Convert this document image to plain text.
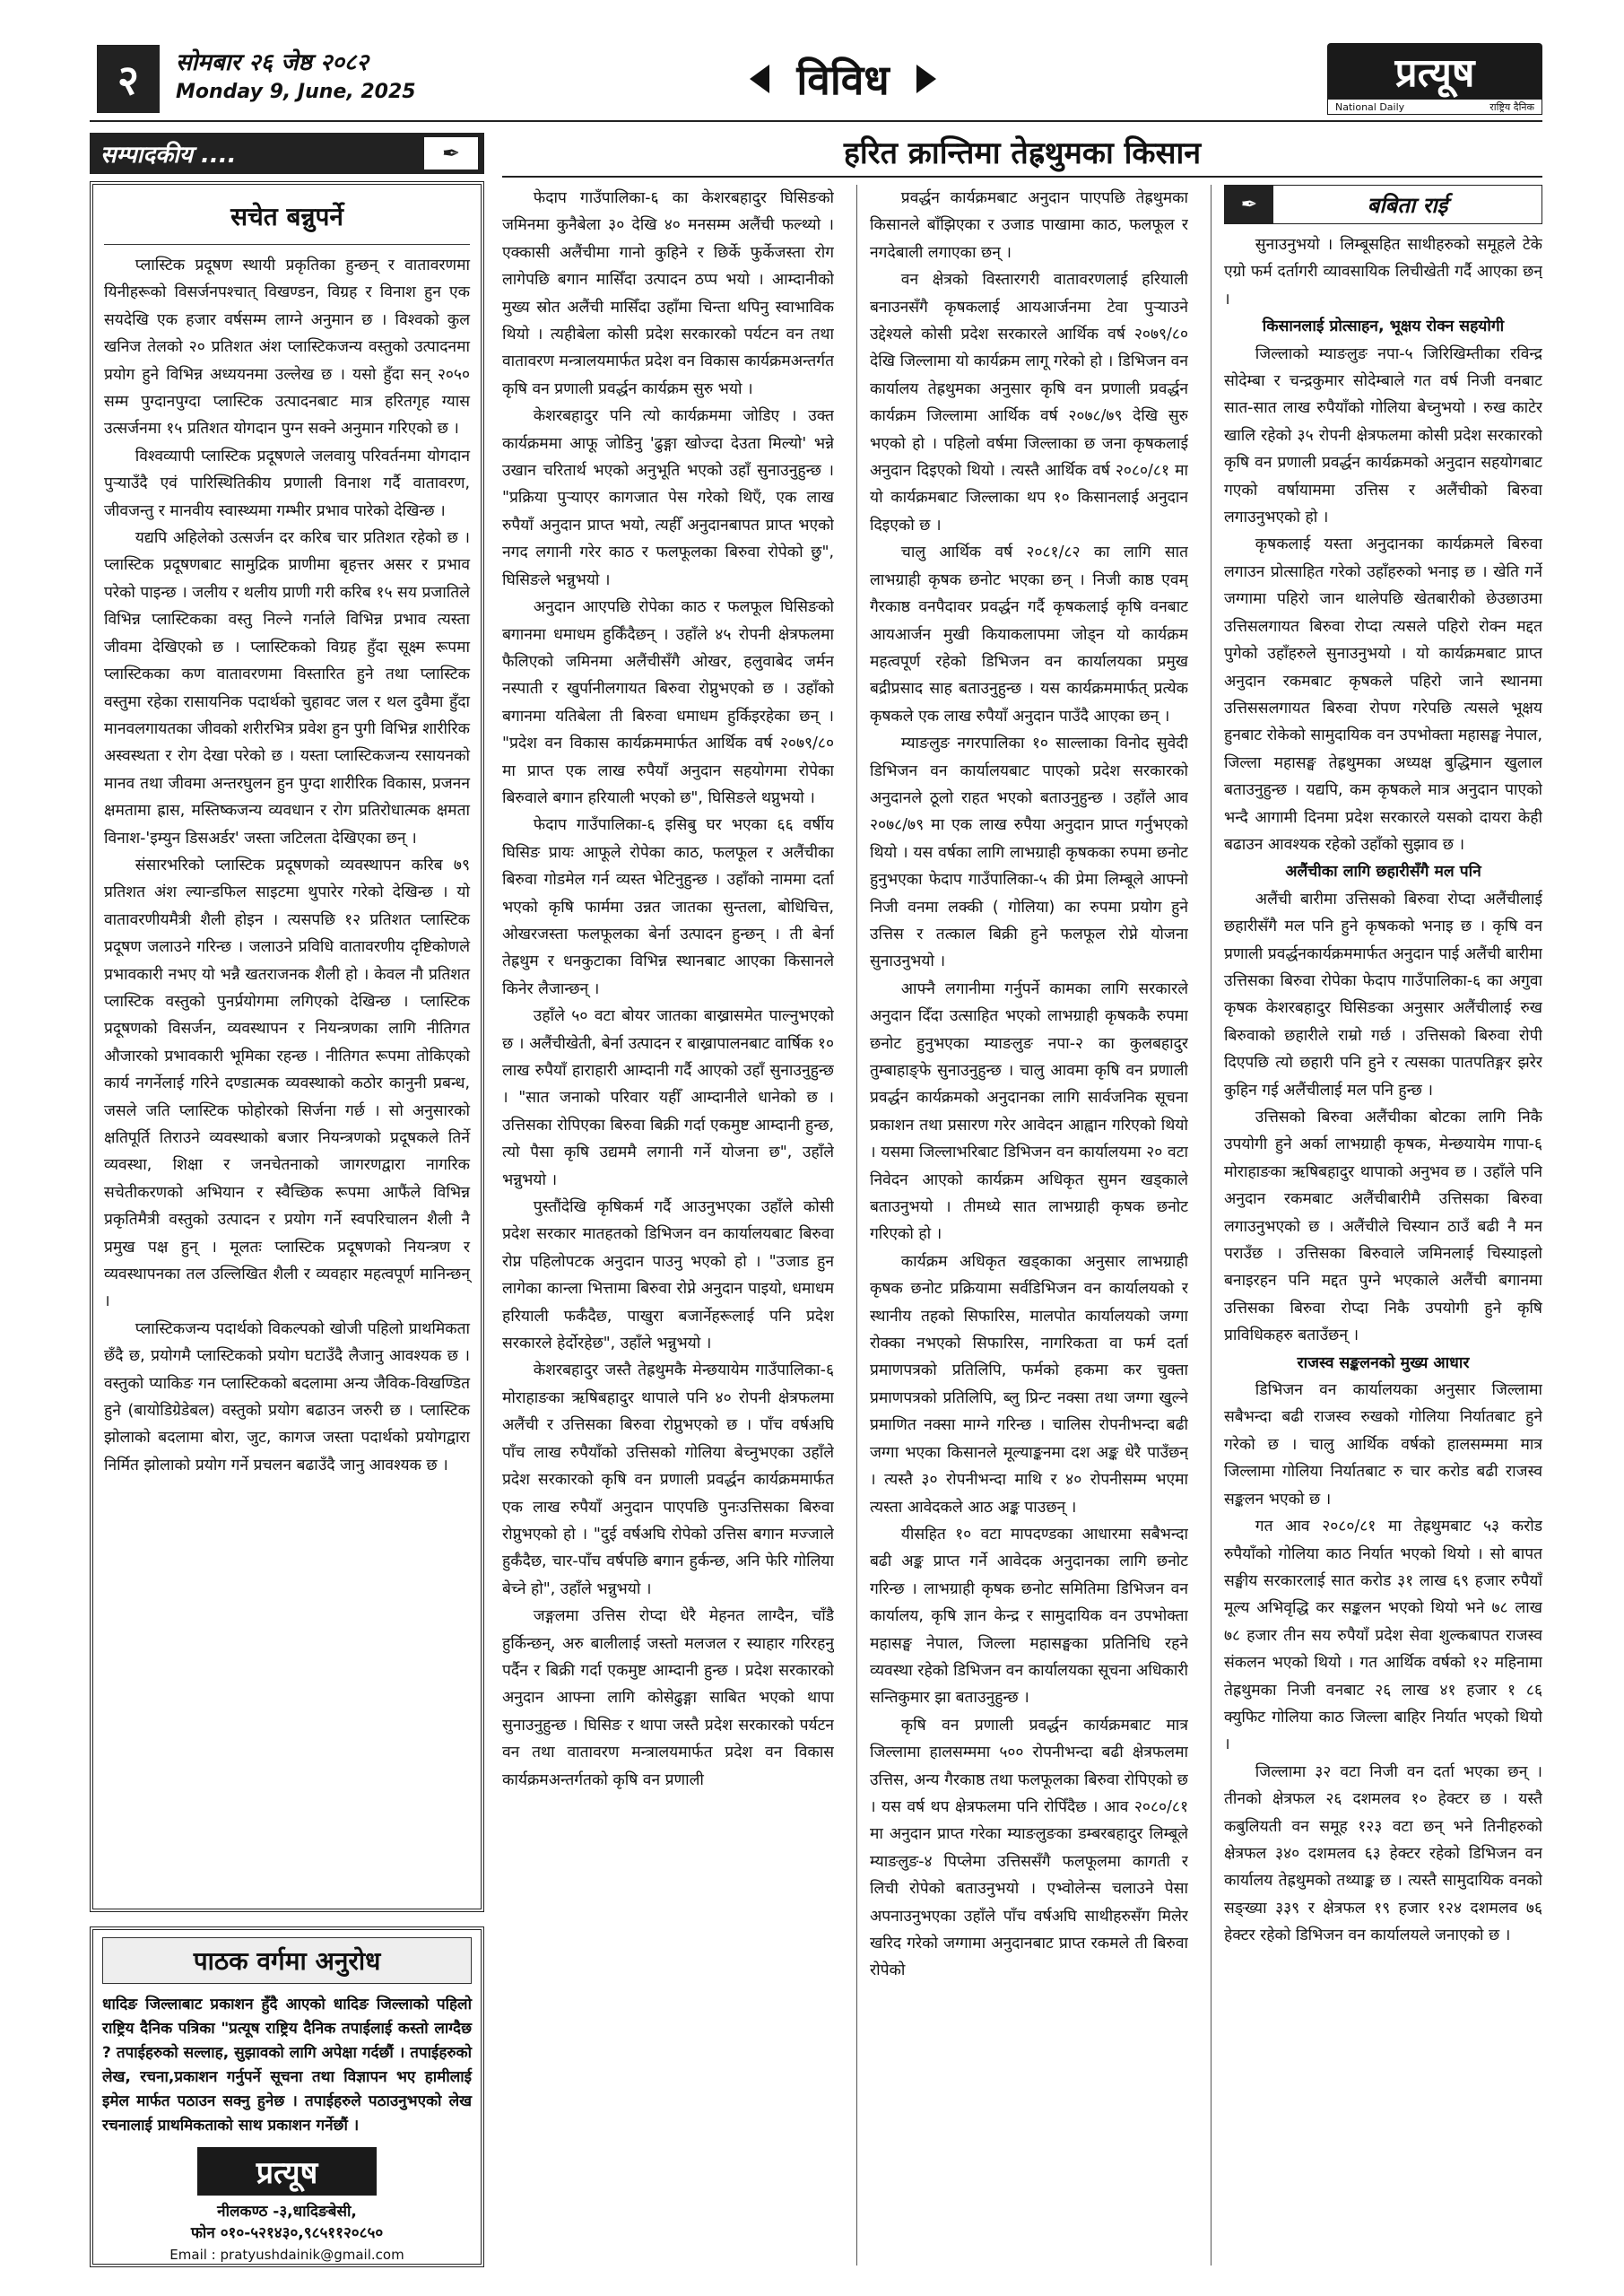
२	सोमबार २६ जेष्ठ २०८२
Monday 9, June, 2025	विविध	प्रत्यूष
National Daily	राष्ट्रिय दैनिक
सम्पादकीय ....	✒
सचेत बन्नुपर्ने

प्लास्टिक प्रदूषण स्थायी प्रकृतिका हुन्छन् र वातावरणमा यिनीहरूको विसर्जनपश्चात् विखण्डन, विग्रह र विनाश हुन एक सयदेखि एक हजार वर्षसम्म लाग्ने अनुमान छ । विश्वको कुल खनिज तेलको २० प्रतिशत अंश प्लास्टिकजन्य वस्तुको उत्पादनमा प्रयोग हुने विभिन्न अध्ययनमा उल्लेख छ । यसो हुँदा सन् २०५० सम्म पुग्दानपुग्दा प्लास्टिक उत्पादनबाट मात्र हरितगृह ग्यास उत्सर्जनमा १५ प्रतिशत योगदान पुग्न सक्ने अनुमान गरिएको छ ।

विश्वव्यापी प्लास्टिक प्रदूषणले जलवायु परिवर्तनमा योगदान पुऱ्याउँदै एवं पारिस्थितिकीय प्रणाली विनाश गर्दै वातावरण, जीवजन्तु र मानवीय स्वास्थ्यमा गम्भीर प्रभाव पारेको देखिन्छ ।

यद्यपि अहिलेको उत्सर्जन दर करिब चार प्रतिशत रहेको छ । प्लास्टिक प्रदूषणबाट सामुद्रिक प्राणीमा बृहत्तर असर र प्रभाव परेको पाइन्छ । जलीय र थलीय प्राणी गरी करिब १५ सय प्रजातिले विभिन्न प्लास्टिकका वस्तु निल्ने गर्नाले विभिन्न प्रभाव त्यस्ता जीवमा देखिएको छ । प्लास्टिकको विग्रह हुँदा सूक्ष्म रूपमा प्लास्टिकका कण वातावरणमा विस्तारित हुने तथा प्लास्टिक वस्तुमा रहेका रासायनिक पदार्थको चुहावट जल र थल दुवैमा हुँदा मानवलगायतका जीवको शरीरभित्र प्रवेश हुन पुगी विभिन्न शारीरिक अस्वस्थता र रोग देखा परेको छ । यस्ता प्लास्टिकजन्य रसायनको मानव तथा जीवमा अन्तरघुलन हुन पुग्दा शारीरिक विकास, प्रजनन क्षमतामा ह्रास, मस्तिष्कजन्य व्यवधान र रोग प्रतिरोधात्मक क्षमता विनाश-'इम्युन डिसअर्डर' जस्ता जटिलता देखिएका छन् ।

संसारभरिको प्लास्टिक प्रदूषणको व्यवस्थापन करिब ७९ प्रतिशत अंश ल्यान्डफिल साइटमा थुपारेर गरेको देखिन्छ । यो वातावरणीयमैत्री शैली होइन । त्यसपछि १२ प्रतिशत प्लास्टिक प्रदूषण जलाउने गरिन्छ । जलाउने प्रविधि वातावरणीय दृष्टिकोणले प्रभावकारी नभए यो भन्नै खतराजनक शैली हो । केवल नौ प्रतिशत प्लास्टिक वस्तुको पुनर्प्रयोगमा लगिएको देखिन्छ । प्लास्टिक प्रदूषणको विसर्जन, व्यवस्थापन र नियन्त्रणका लागि नीतिगत औजारको प्रभावकारी भूमिका रहन्छ । नीतिगत रूपमा तोकिएको कार्य नगर्नेलाई गरिने दण्डात्मक व्यवस्थाको कठोर कानुनी प्रबन्ध, जसले जति प्लास्टिक फोहोरको सिर्जना गर्छ । सो अनुसारको क्षतिपूर्ति तिराउने व्यवस्थाको बजार नियन्त्रणको प्रदूषकले तिर्ने व्यवस्था, शिक्षा र जनचेतनाको जागरणद्वारा नागरिक सचेतीकरणको अभियान र स्वैच्छिक रूपमा आफैंले विभिन्न प्रकृतिमैत्री वस्तुको उत्पादन र प्रयोग गर्ने स्वपरिचालन शैली नै प्रमुख पक्ष हुन् । मूलतः प्लास्टिक प्रदूषणको नियन्त्रण र व्यवस्थापनका तल उल्लिखित शैली र व्यवहार महत्वपूर्ण मानिन्छन् ।

प्लास्टिकजन्य पदार्थको विकल्पको खोजी पहिलो प्राथमिकता छँदै छ, प्रयोगमै प्लास्टिकको प्रयोग घटाउँदै लैजानु आवश्यक छ । वस्तुको प्याकिङ गन प्लास्टिकको बदलामा अन्य जैविक-विखण्डित हुने (बायोडिग्रेडेबल) वस्तुको प्रयोग बढाउन जरुरी छ । प्लास्टिक झोलाको बदलामा बोरा, जुट, कागज जस्ता पदार्थको प्रयोगद्वारा निर्मित झोलाको प्रयोग गर्ने प्रचलन बढाउँदै जानु आवश्यक छ ।

पाठक वर्गमा अनुरोध
धादिङ जिल्लाबाट प्रकाशन हुँदै आएको धादिङ जिल्लाको पहिलो राष्ट्रिय दैनिक पत्रिका "प्रत्यूष राष्ट्रिय दैनिक तपाईलाई कस्तो लाग्दैछ ? तपाईहरुको सल्लाह, सुझावको लागि अपेक्षा गर्दछौं । तपाईहरुको लेख, रचना,प्रकाशन गर्नुपर्ने सूचना तथा विज्ञापन भए हामीलाई इमेल मार्फत पठाउन सक्नु हुनेछ । तपाईहरुले पठाउनुभएको लेख रचनालाई प्राथमिकताको साथ प्रकाशन गर्नेछौं ।
प्रत्यूष
नीलकण्ठ -३,धादिङबेसी,
फोन ०१०-५२१४३०,९८५११२०८५०
Email : pratyushdainik@gmail.com
हरित क्रान्तिमा तेह्रथुमका किसान

फेदाप गाउँपालिका-६ का केशरबहादुर घिसिङको जमिनमा कुनैबेला ३० देखि ४० मनसम्म अलैंची फल्थ्यो । एक्कासी अलैंचीमा गानो कुहिने र छिर्के फुर्केजस्ता रोग लागेपछि बगान मासिँदा उत्पादन ठप्प भयो । आम्दानीको मुख्य स्रोत अलैंची मासिँदा उहाँमा चिन्ता थपिनु स्वाभाविक थियो । त्यहीबेला कोसी प्रदेश सरकारको पर्यटन वन तथा वातावरण मन्त्रालयमार्फत प्रदेश वन विकास कार्यक्रमअन्तर्गत कृषि वन प्रणाली प्रवर्द्धन कार्यक्रम सुरु भयो ।

केशरबहादुर पनि त्यो कार्यक्रममा जोडिए । उक्त कार्यक्रममा आफू जोडिनु 'ढुङ्गा खोज्दा देउता मिल्यो' भन्ने उखान चरितार्थ भएको अनुभूति भएको उहाँ सुनाउनुहुन्छ । "प्रक्रिया पुर्‍याएर कागजात पेस गरेको थिएँ, एक लाख रुपैयाँ अनुदान प्राप्त भयो, त्यहीँ अनुदानबापत प्राप्त भएको नगद लगानी गरेर काठ र फलफूलका बिरुवा रोपेको छु", घिसिङले भन्नुभयो ।

अनुदान आएपछि रोपेका काठ र फलफूल घिसिङको बगानमा धमाधम हुर्किँदैछन् । उहाँले ४५ रोपनी क्षेत्रफलमा फैलिएको जमिनमा अलैंचीसँगै ओखर, हलुवाबेद जर्मन नस्पाती र खुर्पानीलगायत बिरुवा रोप्नुभएको छ । उहाँको बगानमा यतिबेला ती बिरुवा धमाधम हुर्किइरहेका छन् । "प्रदेश वन विकास कार्यक्रममार्फत आर्थिक वर्ष २०७९/८० मा प्राप्त एक लाख रुपैयाँ अनुदान सहयोगमा रोपेका बिरुवाले बगान हरियाली भएको छ", घिसिङले थप्नुभयो ।

फेदाप गाउँपालिका-६ इसिबु घर भएका ६६ वर्षीय घिसिङ प्रायः आफूले रोपेका काठ, फलफूल र अलैंचीका बिरुवा गोडमेल गर्न व्यस्त भेटिनुहुन्छ । उहाँको नाममा दर्ता भएको कृषि फार्ममा उन्नत जातका सुन्तला, बोधिचित्त, ओखरजस्ता फलफूलका बेर्ना उत्पादन हुन्छन् । ती बेर्ना तेह्रथुम र धनकुटाका विभिन्न स्थानबाट आएका किसानले किनेर लैजान्छन् ।

उहाँले ५० वटा बोयर जातका बाख्रासमेत पाल्नुभएको छ । अलैंचीखेती, बेर्ना उत्पादन र बाख्रापालनबाट वार्षिक १० लाख रुपैयाँ हाराहारी आम्दानी गर्दै आएको उहाँ सुनाउनुहुन्छ । "सात जनाको परिवार यहीँ आम्दानीले धानेको छ । उत्तिसका रोपिएका बिरुवा बिक्री गर्दा एकमुष्ट आम्दानी हुन्छ, त्यो पैसा कृषि उद्यममै लगानी गर्ने योजना छ", उहाँले भन्नुभयो ।

पुस्तौंदेखि कृषिकर्म गर्दै आउनुभएका उहाँले कोसी प्रदेश सरकार मातहतको डिभिजन वन कार्यालयबाट बिरुवा रोप्न पहिलोपटक अनुदान पाउनु भएको हो । "उजाड हुन लागेका कान्ला भित्तामा बिरुवा रोप्ने अनुदान पाइयो, धमाधम हरियाली फर्कँदैछ, पाखुरा बजार्नेहरूलाई पनि प्रदेश सरकारले हेर्दोरहेछ", उहाँले भन्नुभयो ।

केशरबहादुर जस्तै तेह्रथुमकै मेन्छयायेम गाउँपालिका-६ मोराहाङका ऋषिबहादुर थापाले पनि ४० रोपनी क्षेत्रफलमा अलैंची र उत्तिसका बिरुवा रोप्नुभएको छ । पाँच वर्षअघि पाँच लाख रुपैयाँको उत्तिसको गोलिया बेच्नुभएका उहाँले प्रदेश सरकारको कृषि वन प्रणाली प्रवर्द्धन कार्यक्रममार्फत एक लाख रुपैयाँ अनुदान पाएपछि पुनःउत्तिसका बिरुवा रोप्नुभएको हो । "दुई वर्षअघि रोपेको उत्तिस बगान मज्जाले हुर्कँदैछ, चार-पाँच वर्षपछि बगान हुर्कन्छ, अनि फेरि गोलिया बेच्ने हो", उहाँले भन्नुभयो ।

जङ्गलमा उत्तिस रोप्दा धेरै मेहनत लाग्दैन, चाँडै हुर्किन्छन्, अरु बालीलाई जस्तो मलजल र स्याहार गरिरहनु पर्दैन र बिक्री गर्दा एकमुष्ट आम्दानी हुन्छ । प्रदेश सरकारको अनुदान आफ्ना लागि कोसेढुङ्गा साबित भएको थापा सुनाउनुहुन्छ । घिसिङ र थापा जस्तै प्रदेश सरकारको पर्यटन वन तथा वातावरण मन्त्रालयमार्फत प्रदेश वन विकास कार्यक्रमअन्तर्गतको कृषि वन प्रणाली

प्रवर्द्धन कार्यक्रमबाट अनुदान पाएपछि तेह्रथुमका किसानले बाँझिएका र उजाड पाखामा काठ, फलफूल र नगदेबाली लगाएका छन् ।

वन क्षेत्रको विस्तारगरी वातावरणलाई हरियाली बनाउनसँगै कृषकलाई आयआर्जनमा टेवा पुर्‍याउने उद्देश्यले कोसी प्रदेश सरकारले आर्थिक वर्ष २०७९/८० देखि जिल्लामा यो कार्यक्रम लागू गरेको हो । डिभिजन वन कार्यालय तेह्रथुमका अनुसार कृषि वन प्रणाली प्रवर्द्धन कार्यक्रम जिल्लामा आर्थिक वर्ष २०७८/७९ देखि सुरु भएको हो । पहिलो वर्षमा जिल्लाका छ जना कृषकलाई अनुदान दिइएको थियो । त्यस्तै आर्थिक वर्ष २०८०/८१ मा यो कार्यक्रमबाट जिल्लाका थप १० किसानलाई अनुदान दिइएको छ ।

चालु आर्थिक वर्ष २०८१/८२ का लागि सात लाभग्राही कृषक छनोट भएका छन् । निजी काष्ठ एवम् गैरकाष्ठ वनपैदावर प्रवर्द्धन गर्दै कृषकलाई कृषि वनबाट आयआर्जन मुखी कियाकलापमा जोड्न यो कार्यक्रम महत्वपूर्ण रहेको डिभिजन वन कार्यालयका प्रमुख बद्रीप्रसाद साह बताउनुहुन्छ । यस कार्यक्रममार्फत् प्रत्येक कृषकले एक लाख रुपैयाँ अनुदान पाउँदै आएका छन् ।

म्याङलुङ नगरपालिका १० साल्लाका विनोद सुवेदी डिभिजन वन कार्यालयबाट पाएको प्रदेश सरकारको अनुदानले ठूलो राहत भएको बताउनुहुन्छ । उहाँले आव २०७८/७९ मा एक लाख रुपैया अनुदान प्राप्त गर्नुभएको थियो । यस वर्षका लागि लाभग्राही कृषकका रुपमा छनोट हुनुभएका फेदाप गाउँपालिका-५ की प्रेमा लिम्बूले आफ्नो निजी वनमा लक्की ( गोलिया) का रुपमा प्रयोग हुने उत्तिस र तत्काल बिक्री हुने फलफूल रोप्ने योजना सुनाउनुभयो ।

आफ्नै लगानीमा गर्नुपर्ने कामका लागि सरकारले अनुदान दिँदा उत्साहित भएको लाभग्राही कृषककै रुपमा छनोट हुनुभएका म्याङलुङ नपा-२ का कुलबहादुर तुम्बाहाङ्फे सुनाउनुहुन्छ । चालु आवमा कृषि वन प्रणाली प्रवर्द्धन कार्यक्रमको अनुदानका लागि सार्वजनिक सूचना प्रकाशन तथा प्रसारण गरेर आवेदन आह्वान गरिएको थियो । यसमा जिल्लाभरिबाट डिभिजन वन कार्यालयमा २० वटा निवेदन आएको कार्यक्रम अधिकृत सुमन खड्काले बताउनुभयो । तीमध्ये सात लाभग्राही कृषक छनोट गरिएको हो ।

कार्यक्रम अधिकृत खड्काका अनुसार लाभग्राही कृषक छनोट प्रक्रियामा सर्वडिभिजन वन कार्यालयको र स्थानीय तहको सिफारिस, मालपोत कार्यालयको जग्गा रोक्का नभएको सिफारिस, नागरिकता वा फर्म दर्ता प्रमाणपत्रको प्रतिलिपि, फर्मको हकमा कर चुक्ता प्रमाणपत्रको प्रतिलिपि, ब्लु प्रिन्ट नक्सा तथा जग्गा खुल्ने प्रमाणित नक्सा माग्ने गरिन्छ । चालिस रोपनीभन्दा बढी जग्गा भएका किसानले मूल्याङ्कनमा दश अङ्क धेरै पाउँछन् । त्यस्तै ३० रोपनीभन्दा माथि र ४० रोपनीसम्म भएमा त्यस्ता आवेदकले आठ अङ्क पाउछन् ।

यीसहित १० वटा मापदण्डका आधारमा सबैभन्दा बढी अङ्क प्राप्त गर्ने आवेदक अनुदानका लागि छनोट गरिन्छ । लाभग्राही कृषक छनोट समितिमा डिभिजन वन कार्यालय, कृषि ज्ञान केन्द्र र सामुदायिक वन उपभोक्ता महासङ्घ नेपाल, जिल्ला महासङ्घका प्रतिनिधि रहने व्यवस्था रहेको डिभिजन वन कार्यालयका सूचना अधिकारी सन्तिकुमार झा बताउनुहुन्छ ।

कृषि वन प्रणाली प्रवर्द्धन कार्यक्रमबाट मात्र जिल्लामा हालसम्ममा ५०० रोपनीभन्दा बढी क्षेत्रफलमा उत्तिस, अन्य गैरकाष्ठ तथा फलफूलका बिरुवा रोपिएको छ । यस वर्ष थप क्षेत्रफलमा पनि रोपिँदैछ । आव २०८०/८१ मा अनुदान प्राप्त गरेका म्याङलुङका डम्बरबहादुर लिम्बूले म्याङलुङ-४ पिप्लेमा उत्तिससँगै फलफूलमा कागती र लिची रोपेको बताउनुभयो । एभ्वोलेन्स चलाउने पेसा अपनाउनुभएका उहाँले पाँच वर्षअघि साथीहरुसँग मिलेर खरिद गरेको जग्गामा अनुदानबाट प्राप्त रकमले ती बिरुवा रोपेको

✒	बबिता राई

सुनाउनुभयो । लिम्बूसहित साथीहरुको समूहले टेके एग्रो फर्म दर्तागरी व्यावसायिक लिचीखेती गर्दै आएका छन् ।

किसानलाई प्रोत्साहन, भूक्षय रोक्न सहयोगी

जिल्लाको म्याङलुङ नपा-५ जिरिखिम्तीका रविन्द्र सोदेम्बा र चन्द्रकुमार सोदेम्बाले गत वर्ष निजी वनबाट सात-सात लाख रुपैयाँको गोलिया बेच्नुभयो । रुख काटेर खालि रहेको ३५ रोपनी क्षेत्रफलमा कोसी प्रदेश सरकारको कृषि वन प्रणाली प्रवर्द्धन कार्यक्रमको अनुदान सहयोगबाट गएको वर्षायाममा उत्तिस र अलैंचीको बिरुवा लगाउनुभएको हो ।

कृषकलाई यस्ता अनुदानका कार्यक्रमले बिरुवा लगाउन प्रोत्साहित गरेको उहाँहरुको भनाइ छ । खेति गर्ने जग्गामा पहिरो जान थालेपछि खेतबारीको छेउछाउमा उत्तिसलगायत बिरुवा रोप्दा त्यसले पहिरो रोक्न मद्दत पुगेको उहाँहरुले सुनाउनुभयो । यो कार्यक्रमबाट प्राप्त अनुदान रकमबाट कृषकले पहिरो जाने स्थानमा उत्तिससलगायत बिरुवा रोपण गरेपछि त्यसले भूक्षय हुनबाट रोकेको सामुदायिक वन उपभोक्ता महासङ्घ नेपाल, जिल्ला महासङ्घ तेह्रथुमका अध्यक्ष बुद्धिमान खुलाल बताउनुहुन्छ । यद्यपि, कम कृषकले मात्र अनुदान पाएको भन्दै आगामी दिनमा प्रदेश सरकारले यसको दायरा केही बढाउन आवश्यक रहेको उहाँको सुझाव छ ।

अलैंचीका लागि छहारीसँगै मल पनि

अलैंची बारीमा उत्तिसको बिरुवा रोप्दा अलैंचीलाई छहारीसँगै मल पनि हुने कृषकको भनाइ छ । कृषि वन प्रणाली प्रवर्द्धनकार्यक्रममार्फत अनुदान पाई अलैंची बारीमा उत्तिसका बिरुवा रोपेका फेदाप गाउँपालिका-६ का अगुवा कृषक केशरबहादुर घिसिङका अनुसार अलैंचीलाई रुख बिरुवाको छहारीले राम्रो गर्छ । उत्तिसको बिरुवा रोपी दिएपछि त्यो छहारी पनि हुने र त्यसका पातपतिङ्गर झरेर कुहिन गई अलैंचीलाई मल पनि हुन्छ ।

उत्तिसको बिरुवा अलैंचीका बोटका लागि निकै उपयोगी हुने अर्का लाभग्राही कृषक, मेन्छयायेम गापा-६ मोराहाङका ऋषिबहादुर थापाको अनुभव छ । उहाँले पनि अनुदान रकमबाट अलैंचीबारीमै उत्तिसका बिरुवा लगाउनुभएको छ । अलैंचीले चिस्यान ठाउँ बढी नै मन पराउँछ । उत्तिसका बिरुवाले जमिनलाई चिस्याइलो बनाइरहन पनि मद्दत पुग्ने भएकाले अलैंची बगानमा उत्तिसका बिरुवा रोप्दा निकै उपयोगी हुने कृषि प्राविधिकहरु बताउँछन् ।

राजस्व सङ्कलनको मुख्य आधार

डिभिजन वन कार्यालयका अनुसार जिल्लामा सबैभन्दा बढी राजस्व रुखको गोलिया निर्यातबाट हुने गरेको छ । चालु आर्थिक वर्षको हालसम्ममा मात्र जिल्लामा गोलिया निर्यातबाट रु चार करोड बढी राजस्व सङ्कलन भएको छ ।

गत आव २०८०/८१ मा तेह्रथुमबाट ५३ करोड रुपैयाँको गोलिया काठ निर्यात भएको थियो । सो बापत सङ्घीय सरकारलाई सात करोड ३१ लाख ६९ हजार रुपैयाँ मूल्य अभिवृद्धि कर सङ्कलन भएको थियो भने ७८ लाख ७८ हजार तीन सय रुपैयाँ प्रदेश सेवा शुल्कबापत राजस्व संकलन भएको थियो । गत आर्थिक वर्षको १२ महिनामा तेह्रथुमका निजी वनबाट २६ लाख ४१ हजार १ ८६ क्युफिट गोलिया काठ जिल्ला बाहिर निर्यात भएको थियो ।

जिल्लामा ३२ वटा निजी वन दर्ता भएका छन् । तीनको क्षेत्रफल २६ दशमलव १० हेक्टर छ । यस्तै कबुलियती वन समूह १२३ वटा छन् भने तिनीहरुको क्षेत्रफल ३४० दशमलव ६३ हेक्टर रहेको डिभिजन वन कार्यालय तेह्रथुमको तथ्याङ्क छ । त्यस्तै सामुदायिक वनको सङ्ख्या ३३९ र क्षेत्रफल १९ हजार १२४ दशमलव ७६ हेक्टर रहेको डिभिजन वन कार्यालयले जनाएको छ ।
